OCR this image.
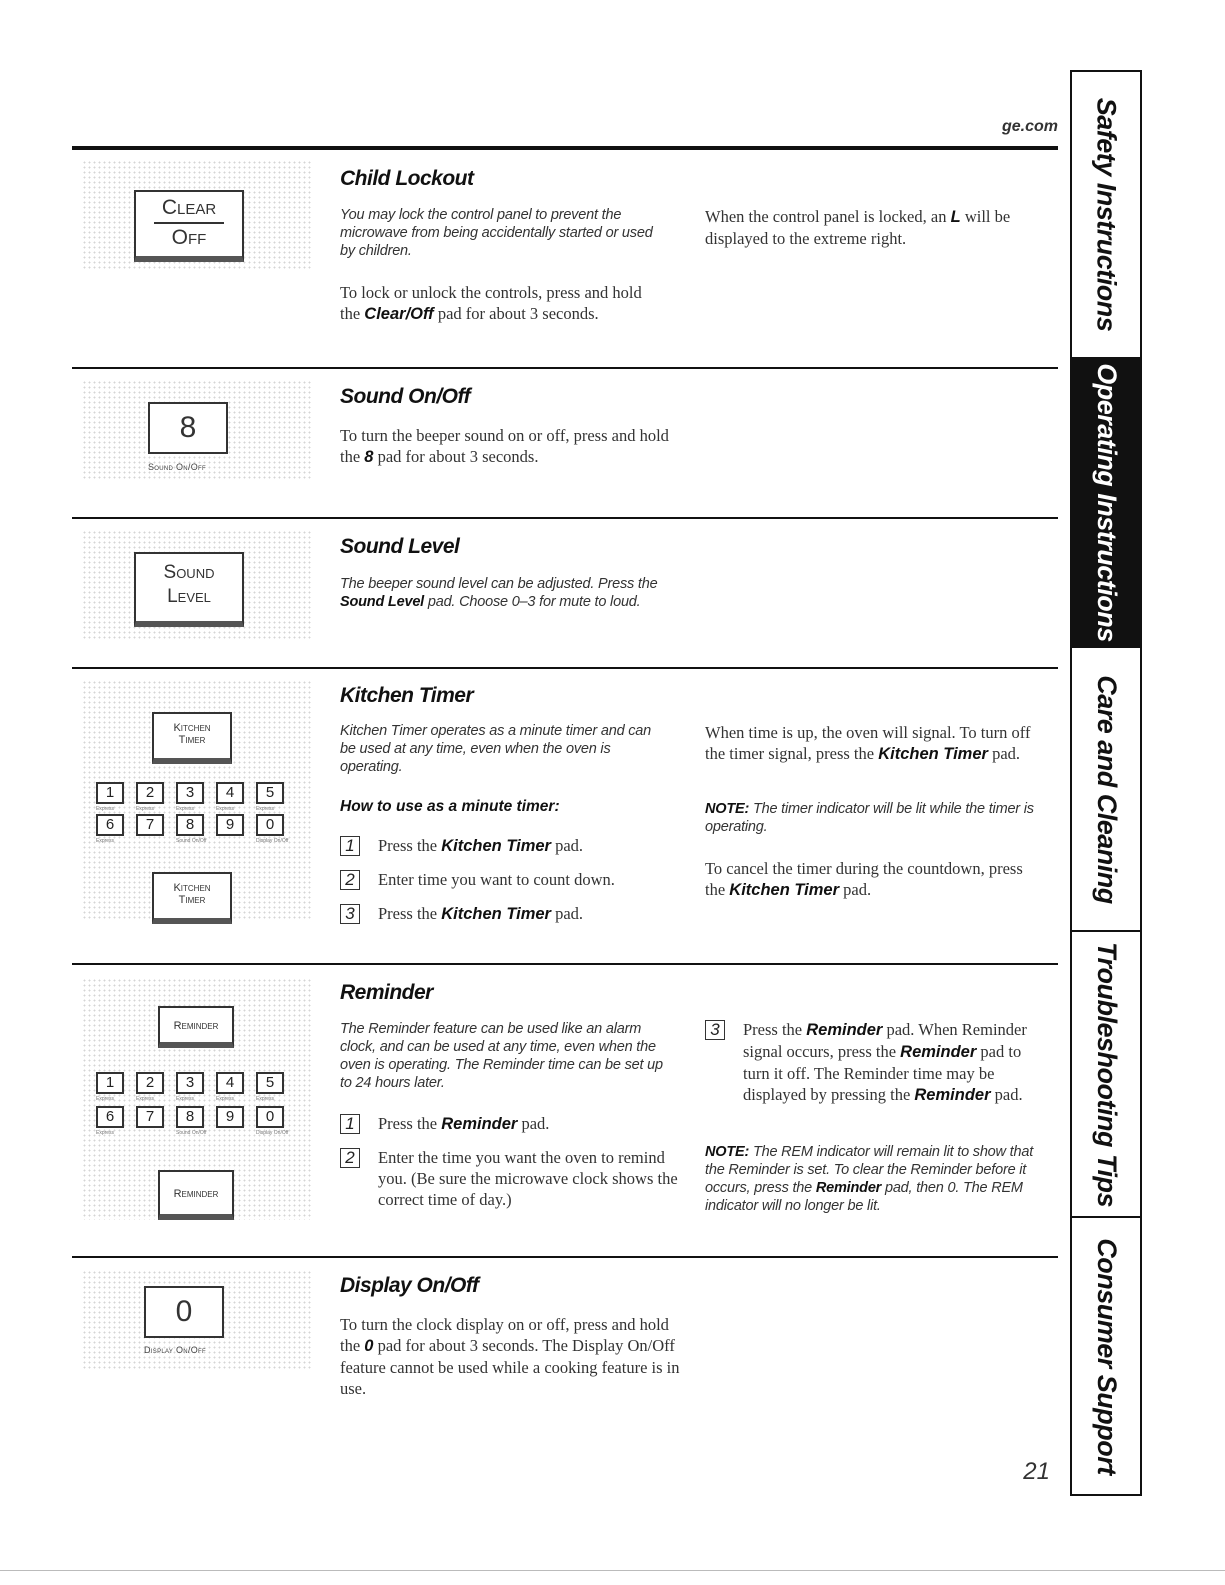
ge.com
Clear
Off
Child Lockout
You may lock the control panel to prevent the microwave from being accidentally started or used by children.
To lock or unlock the controls, press and hold the Clear/Off pad for about 3 seconds.
When the control panel is locked, an L will be displayed to the extreme right.
8
Sound On/Off
Sound On/Off
To turn the beeper sound on or off, press and hold the 8 pad for about 3 seconds.
Sound
Level
Sound Level
The beeper sound level can be adjusted. Press the Sound Level pad. Choose 0–3 for mute to loud.
Kitchen
Timer
1
Express
2
Express
3
Express
4
Express
5
Express
6
Express
7	8
Sound On/Off
9	0
Display On/Off
Kitchen
Timer
Kitchen Timer
Kitchen Timer operates as a minute timer and can be used at any time, even when the oven is operating.
How to use as a minute timer:
1	Press the Kitchen Timer pad.
2	Enter time you want to count down.
3	Press the Kitchen Timer pad.
When time is up, the oven will signal. To turn off the timer signal, press the Kitchen Timer pad.
NOTE: The timer indicator will be lit while the timer is operating.
To cancel the timer during the countdown, press the Kitchen Timer pad.
Reminder
1
Express
2
Express
3
Express
4
Express
5
Express
6
Express
7	8
Sound On/Off
9	0
Display On/Off
Reminder
Reminder
The Reminder feature can be used like an alarm clock, and can be used at any time, even when the oven is operating. The Reminder time can be set up to 24 hours later.
1	Press the Reminder pad.
2	Enter the time you want the oven to remind you. (Be sure the microwave clock shows the correct time of day.)
3	Press the Reminder pad. When Reminder signal occurs, press the Reminder pad to turn it off. The Reminder time may be displayed by pressing the Reminder pad.
NOTE: The REM indicator will remain lit to show that the Reminder is set. To clear the Reminder before it occurs, press the Reminder pad, then 0. The REM indicator will no longer be lit.
0
Display On/Off
Display On/Off
To turn the clock display on or off, press and hold the 0 pad for about 3 seconds. The Display On/Off feature cannot be used while a cooking feature is in use.
21
Safety Instructions
Operating Instructions
Care and Cleaning
Troubleshooting Tips
Consumer Support
